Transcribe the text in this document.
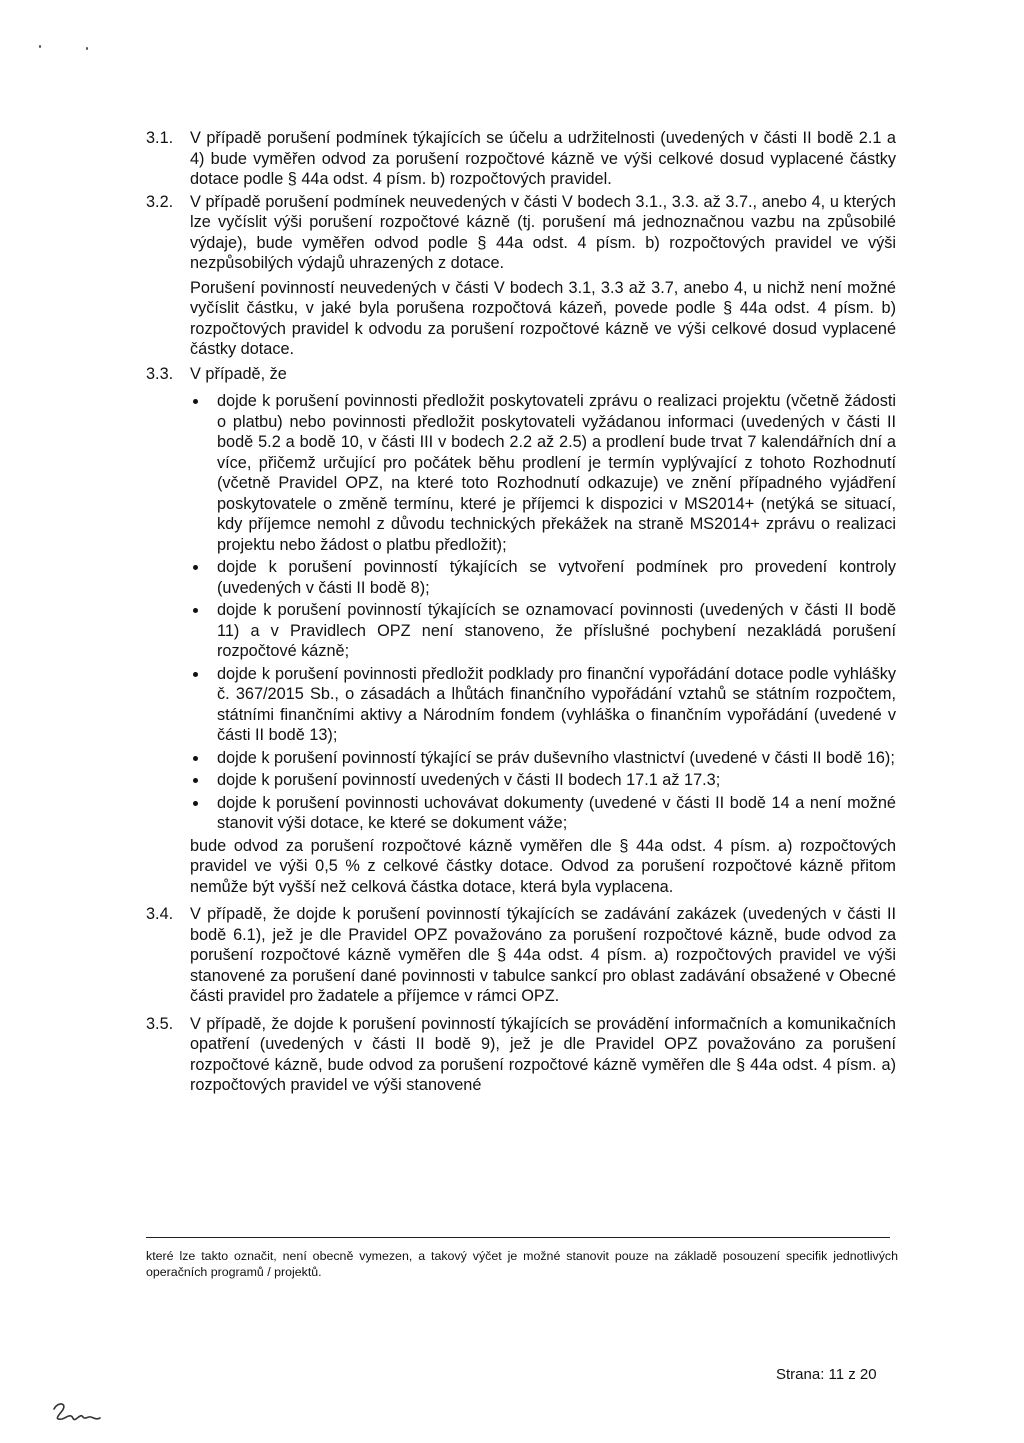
3.1.	V případě porušení podmínek týkajících se účelu a udržitelnosti (uvedených v části II bodě 2.1 a 4) bude vyměřen odvod za porušení rozpočtové kázně ve výši celkové dosud vyplacené částky dotace podle § 44a odst. 4 písm. b) rozpočtových pravidel.

3.2.	V případě porušení podmínek neuvedených v části V bodech 3.1., 3.3. až 3.7., anebo 4, u kterých lze vyčíslit výši porušení rozpočtové kázně (tj. porušení má jednoznačnou vazbu na způsobilé výdaje), bude vyměřen odvod podle § 44a odst. 4 písm. b) rozpočtových pravidel ve výši nezpůsobilých výdajů uhrazených z dotace.

Porušení povinností neuvedených v části V bodech 3.1, 3.3 až 3.7, anebo 4, u nichž není možné vyčíslit částku, v jaké byla porušena rozpočtová kázeň, povede podle § 44a odst. 4 písm. b) rozpočtových pravidel k odvodu za porušení rozpočtové kázně ve výši celkové dosud vyplacené částky dotace.

3.3.	V případě, že

dojde k porušení povinnosti předložit poskytovateli zprávu o realizaci projektu (včetně žádosti o platbu) nebo povinnosti předložit poskytovateli vyžádanou informaci (uvedených v části II bodě 5.2 a bodě 10, v části III v bodech 2.2 až 2.5) a prodlení bude trvat 7 kalendářních dní a více, přičemž určující pro počátek běhu prodlení je termín vyplývající z tohoto Rozhodnutí (včetně Pravidel OPZ, na které toto Rozhodnutí odkazuje) ve znění případného vyjádření poskytovatele o změně termínu, které je příjemci k dispozici v MS2014+ (netýká se situací, kdy příjemce nemohl z důvodu technických překážek na straně MS2014+ zprávu o realizaci projektu nebo žádost o platbu předložit);
dojde k porušení povinností týkajících se vytvoření podmínek pro provedení kontroly (uvedených v části II bodě 8);
dojde k porušení povinností týkajících se oznamovací povinnosti (uvedených v části II bodě 11) a v Pravidlech OPZ není stanoveno, že příslušné pochybení nezakládá porušení rozpočtové kázně;
dojde k porušení povinnosti předložit podklady pro finanční vypořádání dotace podle vyhlášky č. 367/2015 Sb., o zásadách a lhůtách finančního vypořádání vztahů se státním rozpočtem, státními finančními aktivy a Národním fondem (vyhláška o finančním vypořádání (uvedené v části II bodě 13);
dojde k porušení povinností týkající se práv duševního vlastnictví (uvedené v části II bodě 16);
dojde k porušení povinností uvedených v části II bodech 17.1 až 17.3;
dojde k porušení povinnosti uchovávat dokumenty (uvedené v části II bodě 14 a není možné stanovit výši dotace, ke které se dokument váže;

bude odvod za porušení rozpočtové kázně vyměřen dle § 44a odst. 4 písm. a) rozpočtových pravidel ve výši 0,5 % z celkové částky dotace. Odvod za porušení rozpočtové kázně přitom nemůže být vyšší než celková částka dotace, která byla vyplacena.

3.4.	V případě, že dojde k porušení povinností týkajících se zadávání zakázek (uvedených v části II bodě 6.1), jež je dle Pravidel OPZ považováno za porušení rozpočtové kázně, bude odvod za porušení rozpočtové kázně vyměřen dle § 44a odst. 4 písm. a) rozpočtových pravidel ve výši stanovené za porušení dané povinnosti v tabulce sankcí pro oblast zadávání obsažené v Obecné části pravidel pro žadatele a příjemce v rámci OPZ.

3.5.	V případě, že dojde k porušení povinností týkajících se provádění informačních a komunikačních opatření (uvedených v části II bodě 9), jež je dle Pravidel OPZ považováno za porušení rozpočtové kázně, bude odvod za porušení rozpočtové kázně vyměřen dle § 44a odst. 4 písm. a) rozpočtových pravidel ve výši stanovené

které lze takto označit, není obecně vymezen, a takový výčet je možné stanovit pouze na základě posouzení specifik jednotlivých operačních programů / projektů.
Strana: 11 z 20
